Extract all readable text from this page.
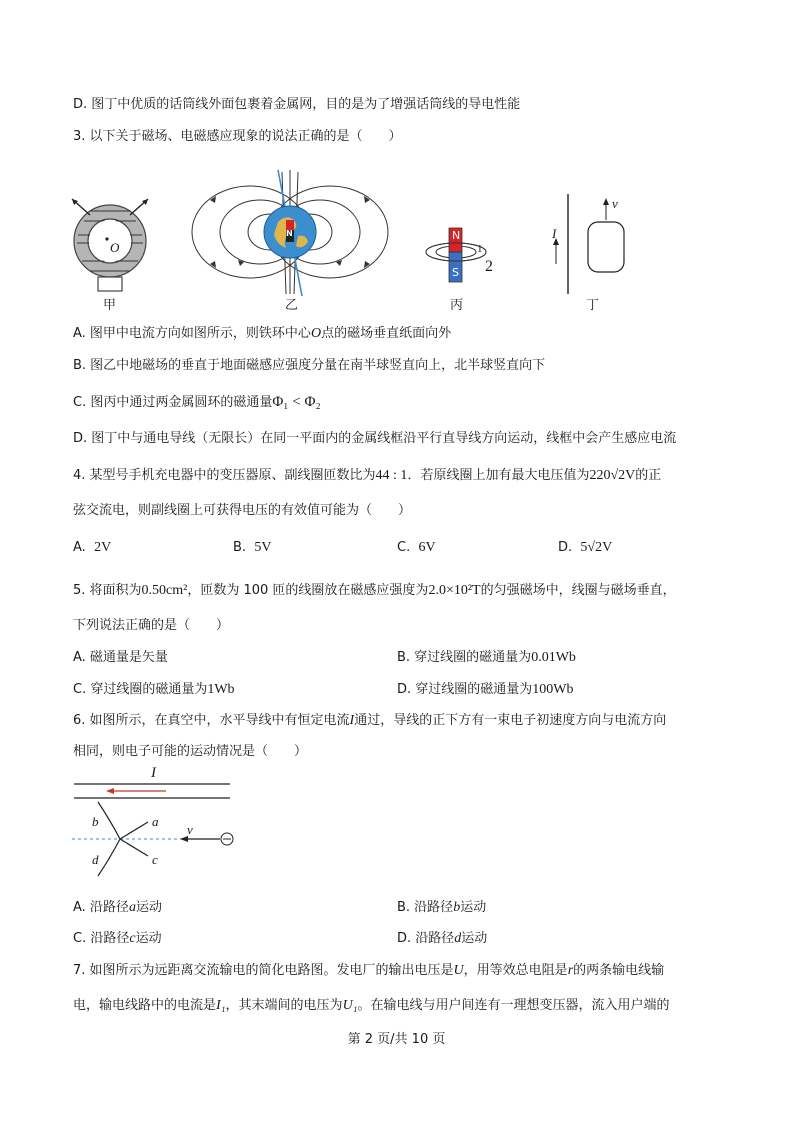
D. 图丁中优质的话筒线外面包裹着金属网，目的是为了增强话筒线的导电性能
3. 以下关于磁场、电磁感应现象的说法正确的是（　　）
O
甲
N
乙
N
S
1
2
丙
I
v
丁
A. 图甲中电流方向如图所示，则铁环中心O点的磁场垂直纸面向外
B. 图乙中地磁场的垂直于地面磁感应强度分量在南半球竖直向上，北半球竖直向下
C. 图丙中通过两金属圆环的磁通量Φ₁ < Φ₂
D. 图丁中与通电导线（无限长）在同一平面内的金属线框沿平行直导线方向运动，线框中会产生感应电流
4. 某型号手机充电器中的变压器原、副线圈匝数比为44 : 1．若原线圈上加有最大电压值为220√2V的正
弦交流电，则副线圈上可获得电压的有效值可能为（　　）
A. 2V	B. 5V	C. 6V	D. 5√2V
5. 将面积为0.50cm²，匝数为 100 匝的线圈放在磁感应强度为2.0×10²T的匀强磁场中，线圈与磁场垂直，
下列说法正确的是（　　）
A. 磁通量是矢量	B. 穿过线圈的磁通量为0.01Wb
C. 穿过线圈的磁通量为1Wb	D. 穿过线圈的磁通量为100Wb
6. 如图所示，在真空中，水平导线中有恒定电流I通过，导线的正下方有一束电子初速度方向与电流方向
相同，则电子可能的运动情况是（　　）
I
a
b
c
d
v
A. 沿路径a运动	B. 沿路径b运动
C. 沿路径c运动	D. 沿路径d运动
7. 如图所示为远距离交流输电的简化电路图。发电厂的输出电压是U，用等效总电阻是r的两条输电线输
电，输电线路中的电流是I₁，其末端间的电压为U₁。在输电线与用户间连有一理想变压器，流入用户端的
第 2 页/共 10 页
